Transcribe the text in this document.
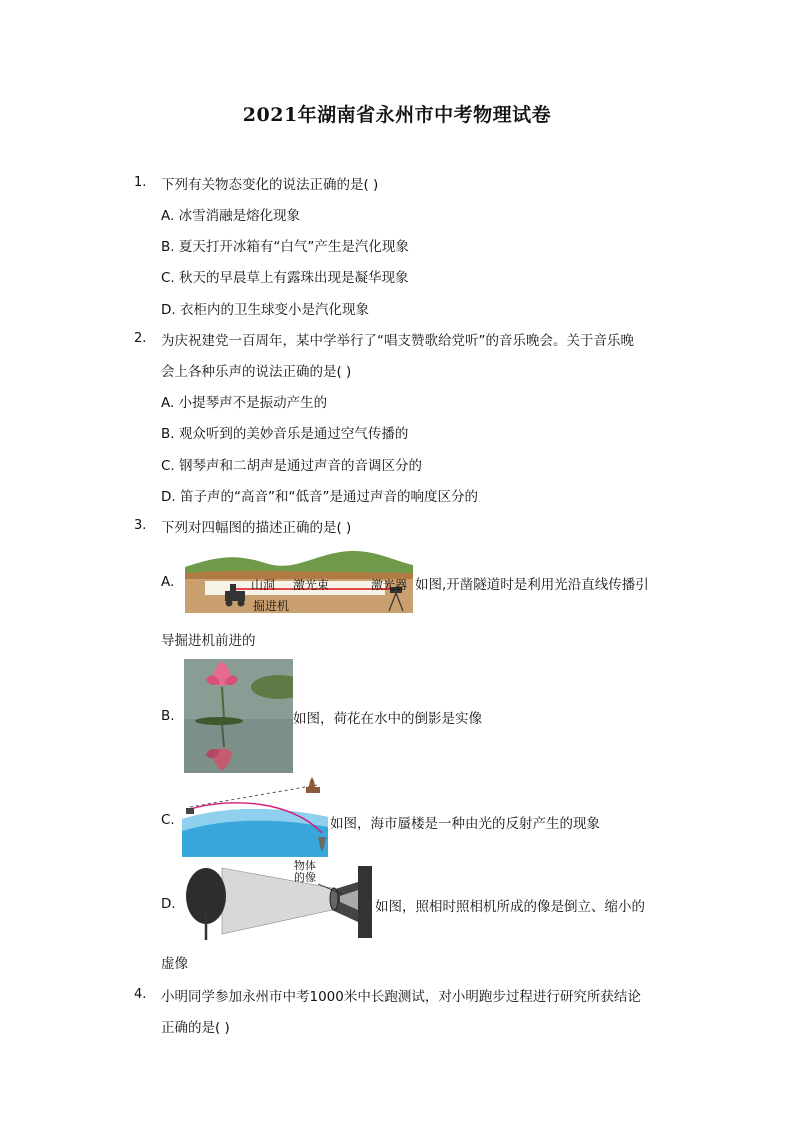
2021年湖南省永州市中考物理试卷
1. 下列有关物态变化的说法正确的是( )
A. 冰雪消融是熔化现象
B. 夏天打开冰箱有“白气”产生是汽化现象
C. 秋天的早晨草上有露珠出现是凝华现象
D. 衣柜内的卫生球变小是汽化现象
2. 为庆祝建党一百周年，某中学举行了“唱支赞歌给党听”的音乐晚会。关于音乐晚
会上各种乐声的说法正确的是( )
A. 小提琴声不是振动产生的
B. 观众听到的美妙音乐是通过空气传播的
C. 钢琴声和二胡声是通过声音的音调区分的
D. 笛子声的“高音”和“低音”是通过声音的响度区分的
3. 下列对四幅图的描述正确的是( )
A.	山洞 激光束	激光器
掘进机
如图,开凿隧道时是利用光沿直线传播引
导掘进机前进的
B.	如图，荷花在水中的倒影是实像
C.	如图，海市蜃楼是一种由光的反射产生的现象
D.
物体
的像
如图，照相时照相机所成的像是倒立、缩小的
虚像
4. 小明同学参加永州市中考1000米中长跑测试，对小明跑步过程进行研究所获结论
正确的是( )
